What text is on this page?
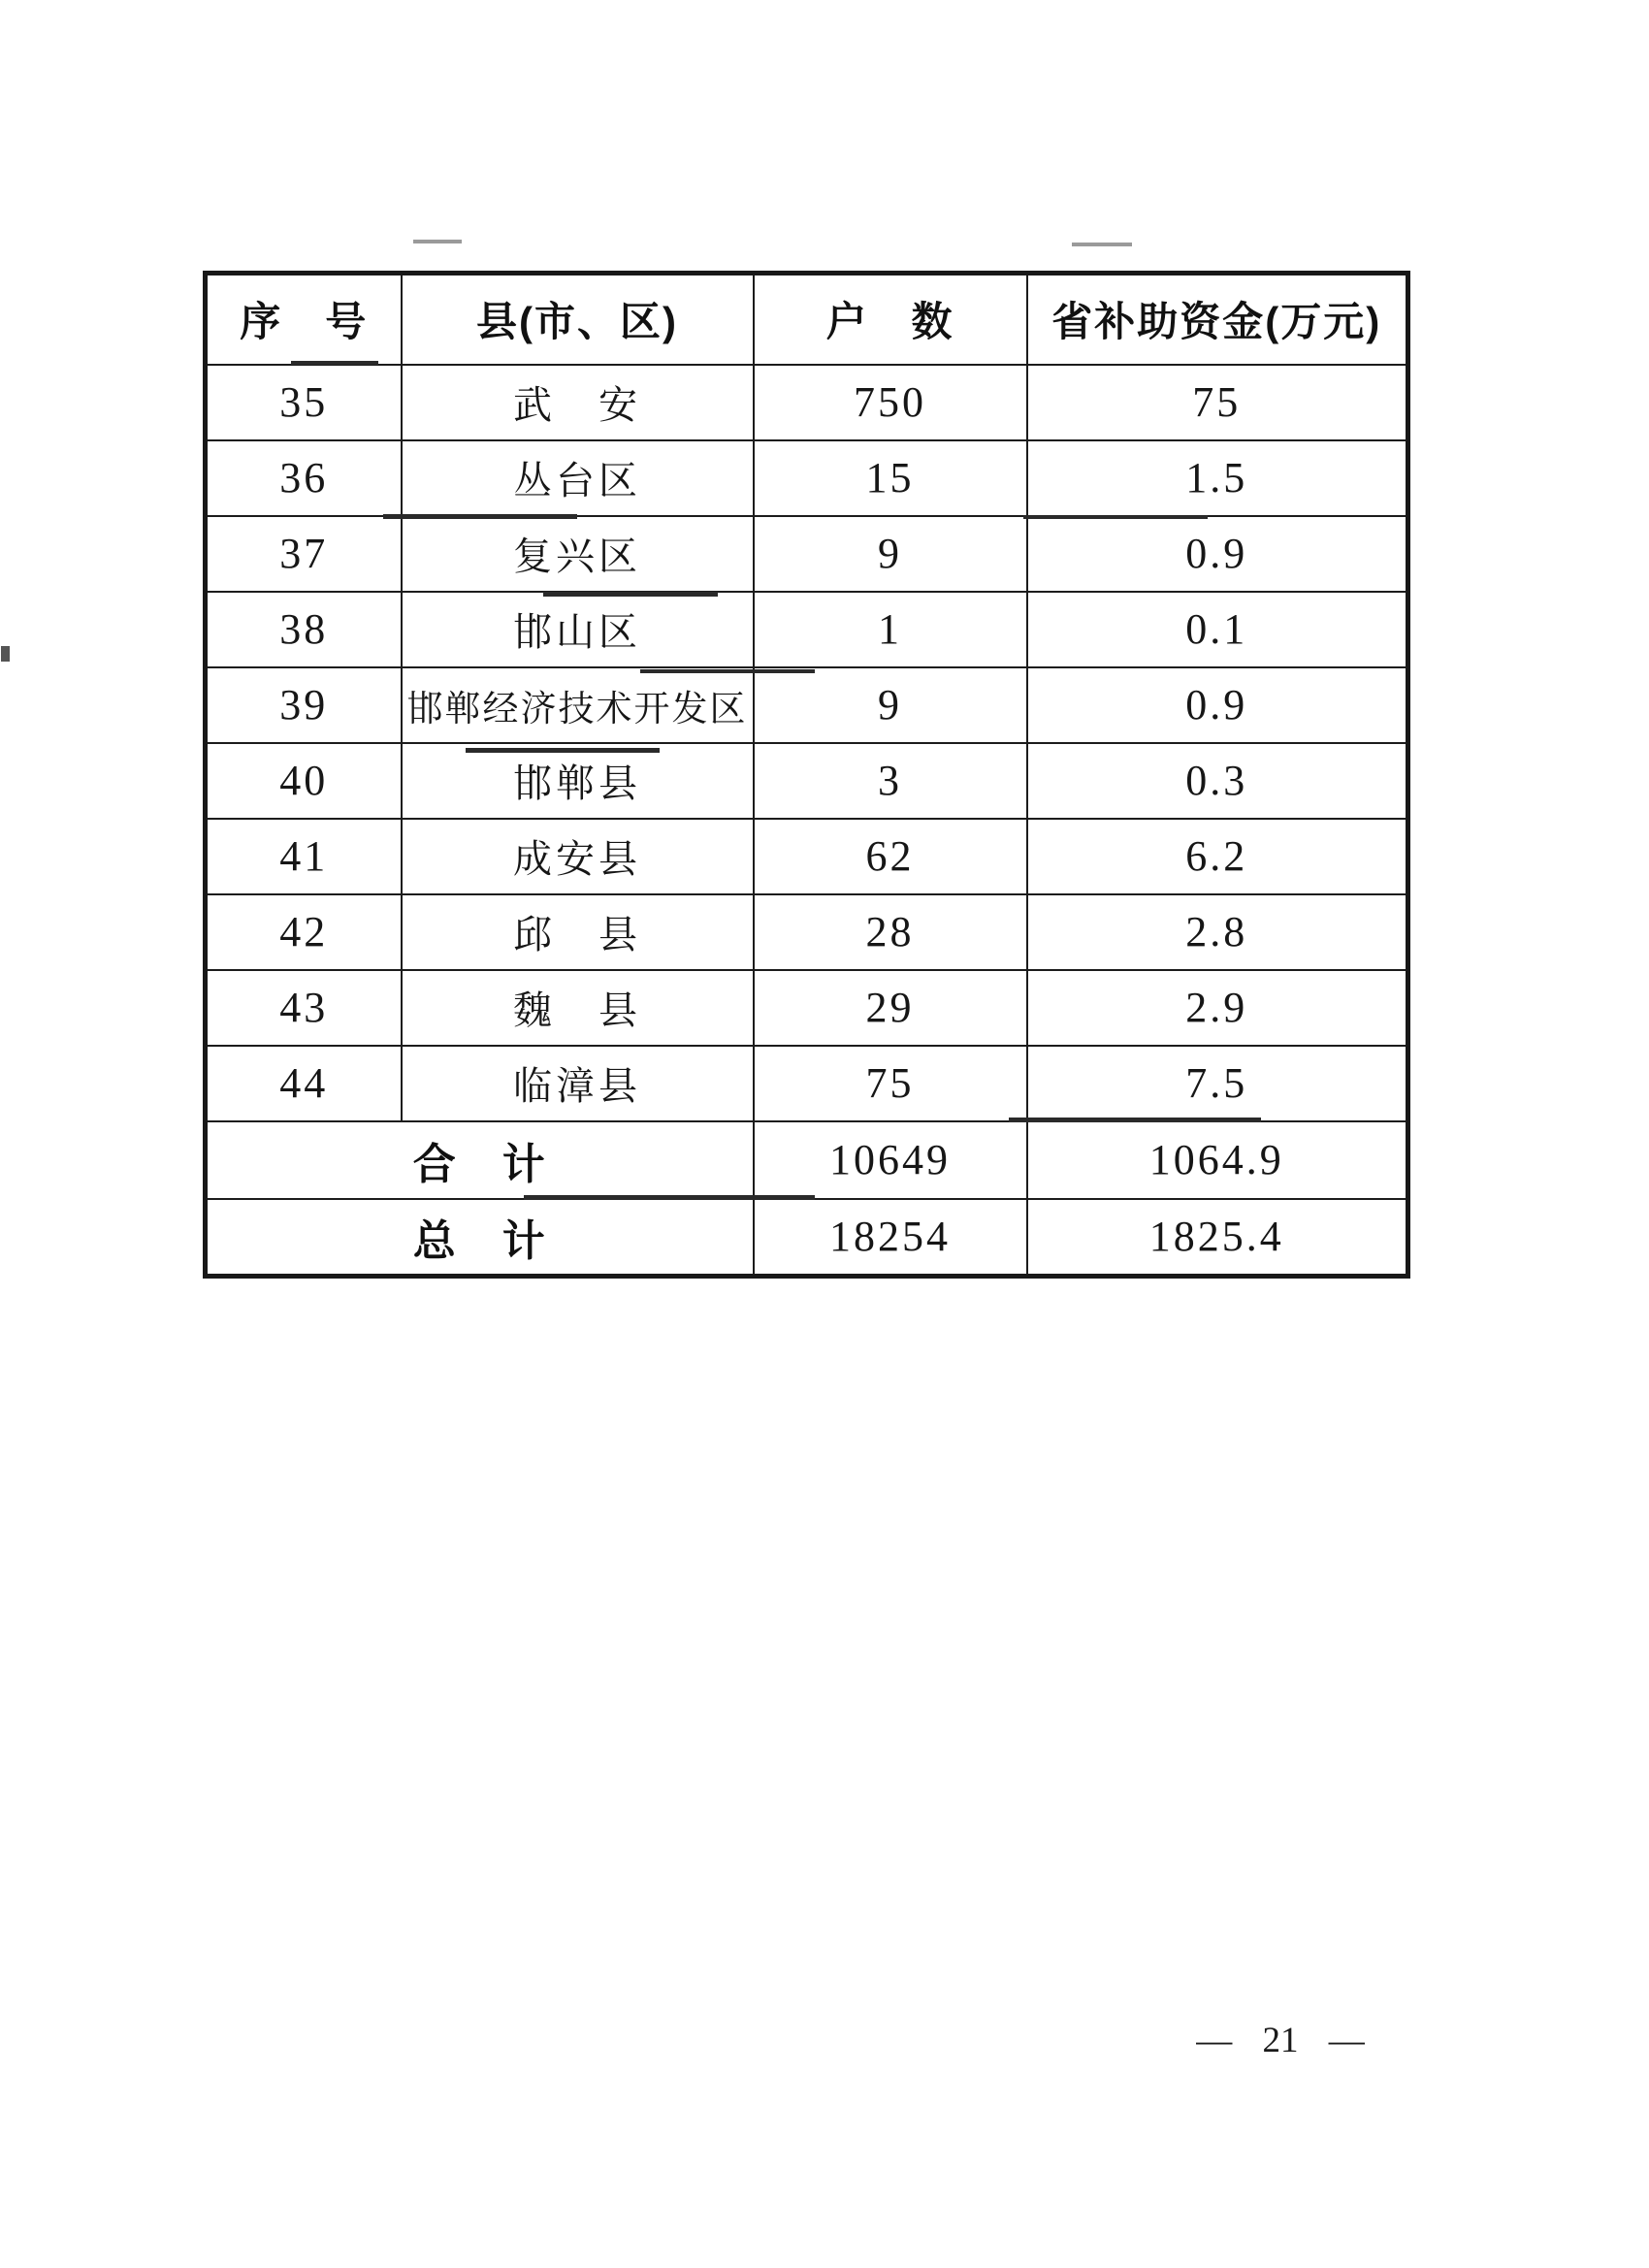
序　号	县(市、区)	户　数	省补助资金(万元)
35	武　安	750	75
36	丛台区	15	1.5
37	复兴区	9	0.9
38	邯山区	1	0.1
39	邯郸经济技术开发区	9	0.9
40	邯郸县	3	0.3
41	成安县	62	6.2
42	邱　县	28	2.8
43	魏　县	29	2.9
44	临漳县	75	7.5
合　计		10649	1064.9
总　计		18254	1825.4
— 21 —
